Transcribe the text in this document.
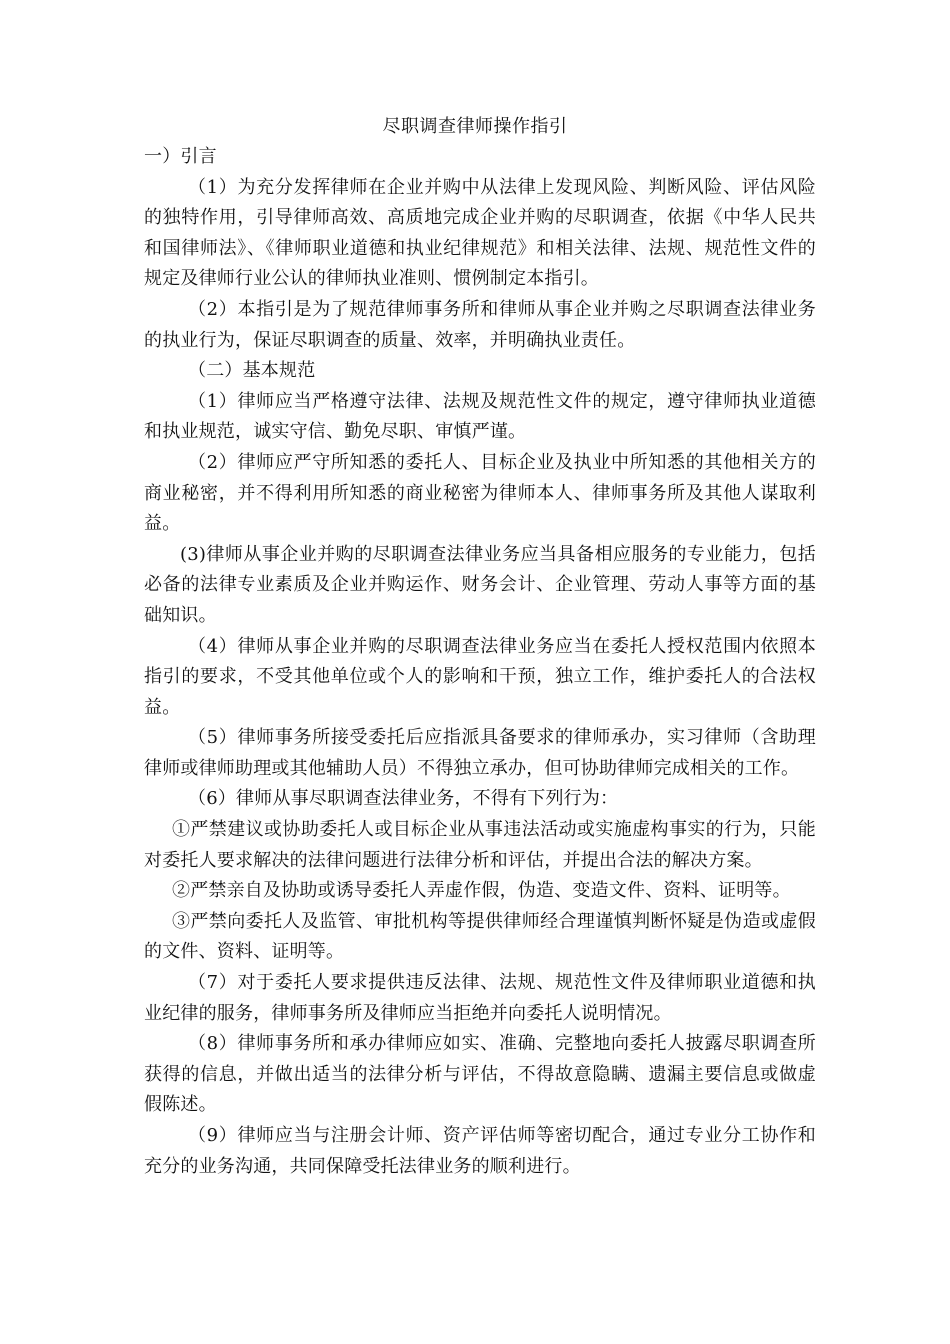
尽职调查律师操作指引

一）引言

（1）为充分发挥律师在企业并购中从法律上发现风险、判断风险、评估风险的独特作用，引导律师高效、高质地完成企业并购的尽职调查，依据《中华人民共和国律师法》、《律师职业道德和执业纪律规范》和相关法律、法规、规范性文件的规定及律师行业公认的律师执业准则、惯例制定本指引。

（2）本指引是为了规范律师事务所和律师从事企业并购之尽职调查法律业务的执业行为，保证尽职调查的质量、效率，并明确执业责任。

（二）基本规范

（1）律师应当严格遵守法律、法规及规范性文件的规定，遵守律师执业道德和执业规范，诚实守信、勤免尽职、审慎严谨。

（2）律师应严守所知悉的委托人、目标企业及执业中所知悉的其他相关方的商业秘密，并不得利用所知悉的商业秘密为律师本人、律师事务所及其他人谋取利益。

(3)律师从事企业并购的尽职调查法律业务应当具备相应服务的专业能力，包括必备的法律专业素质及企业并购运作、财务会计、企业管理、劳动人事等方面的基础知识。

（4）律师从事企业并购的尽职调查法律业务应当在委托人授权范围内依照本指引的要求，不受其他单位或个人的影响和干预，独立工作，维护委托人的合法权益。

（5）律师事务所接受委托后应指派具备要求的律师承办，实习律师（含助理律师或律师助理或其他辅助人员）不得独立承办，但可协助律师完成相关的工作。

（6）律师从事尽职调查法律业务，不得有下列行为：

①严禁建议或协助委托人或目标企业从事违法活动或实施虚构事实的行为，只能对委托人要求解决的法律问题进行法律分析和评估，并提出合法的解决方案。

②严禁亲自及协助或诱导委托人弄虚作假，伪造、变造文件、资料、证明等。

③严禁向委托人及监管、审批机构等提供律师经合理谨慎判断怀疑是伪造或虚假的文件、资料、证明等。

（7）对于委托人要求提供违反法律、法规、规范性文件及律师职业道德和执业纪律的服务，律师事务所及律师应当拒绝并向委托人说明情况。

（8）律师事务所和承办律师应如实、准确、完整地向委托人披露尽职调查所获得的信息，并做出适当的法律分析与评估，不得故意隐瞒、遗漏主要信息或做虚假陈述。

（9）律师应当与注册会计师、资产评估师等密切配合，通过专业分工协作和充分的业务沟通，共同保障受托法律业务的顺利进行。
